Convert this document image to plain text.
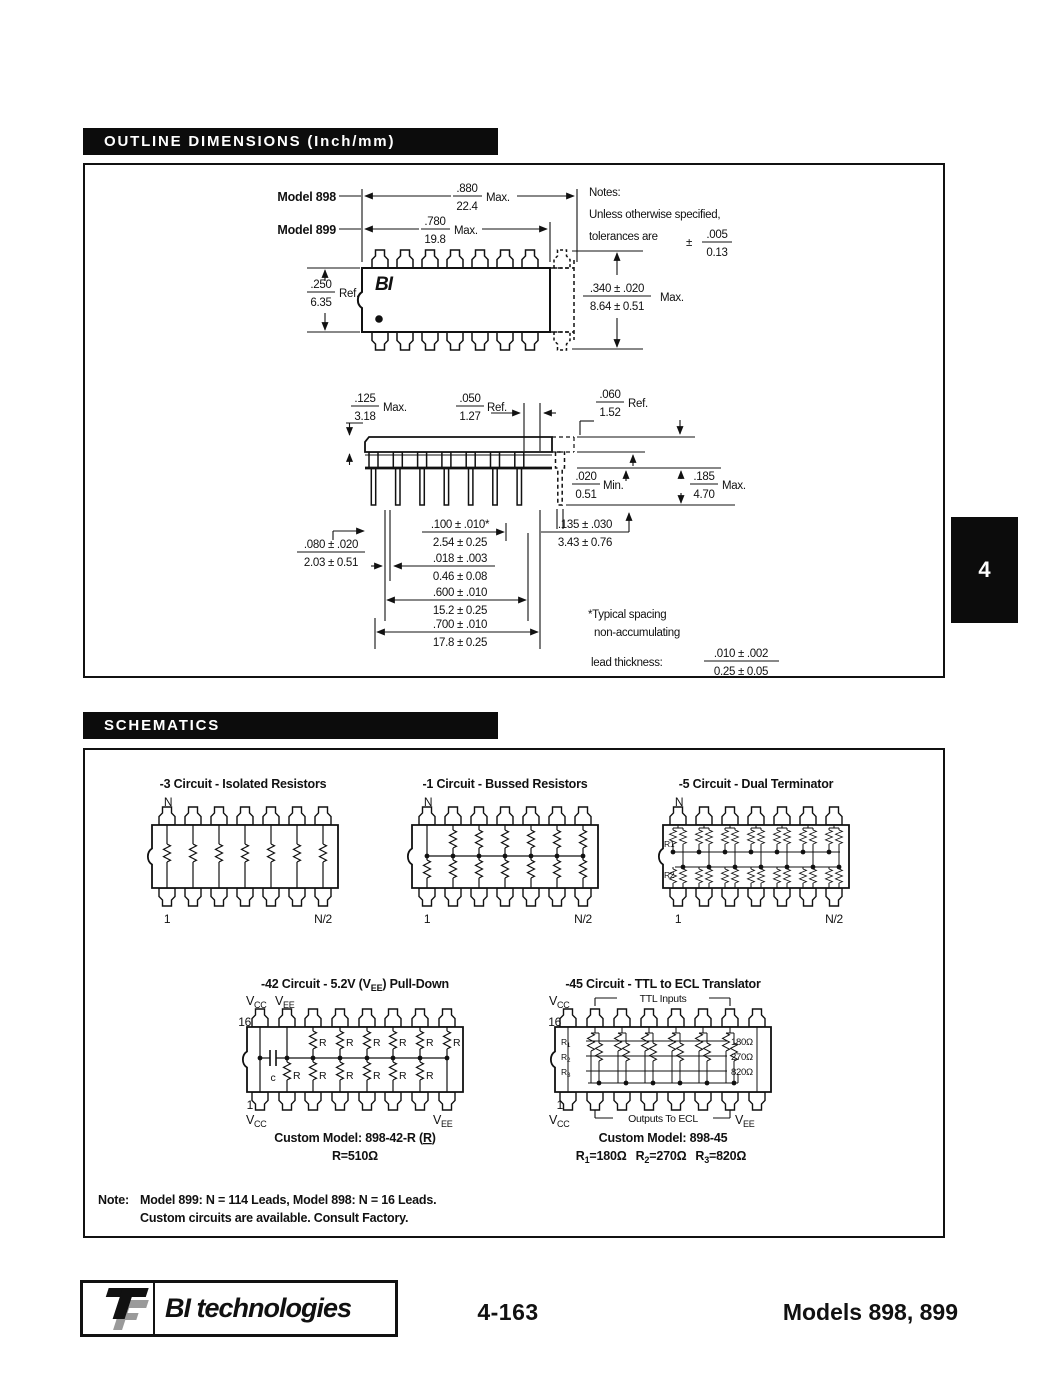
OUTLINE DIMENSIONS (Inch/mm)
Model 898
Model 899
.880
22.4
Max.
.780
19.8
Max.
.250
6.35
Ref.
Notes:
Unless otherwise specified,
tolerances are ±
.005
0.13
.340 ± .020
8.64 ± 0.51
Max.
BI
.125
3.18
Max.
.050
1.27
Ref.
.060
1.52
Ref.
.020
0.51
Min.
.185
4.70
Max.
.080 ± .020
2.03 ± 0.51
.100 ± .010*
2.54 ± 0.25
.018 ± .003
0.46 ± 0.08
.600 ± .010
15.2 ± 0.25
.700 ± .010
17.8 ± 0.25
.135 ± .030
3.43 ± 0.76
*Typical spacing
non-accumulating
lead thickness:
.010 ± .002
0.25 ± 0.05
4
SCHEMATICS
-3 Circuit - Isolated Resistors
N
1	N/2
-1 Circuit - Bussed Resistors
N
1	N/2
-5 Circuit - Dual Terminator
N
R1
R2
1	N/2
-42 Circuit - 5.2V $(V_{EE})$ Pull-Down
$V_{CC}$ $V_{EE}$
16
1
R R R R R R
c R R R R R R
$V_{CC}$	$V_{EE}$
Custom Model: 898-42-R (R)
R=510Ω
-45 Circuit - TTL to ECL Translator
$V_{CC}$	TTL Inputs
16
1
$R_1$
$R_2$
$R_3$
180Ω
270Ω
820Ω
$V_{CC}$	Outputs To ECL	$V_{EE}$
Custom Model: 898-45
$R_1=180\Omega$ $R_2=270\Omega$ $R_3=820\Omega$
Note: Model 899: N = 114 Leads, Model 898: N = 16 Leads.
Custom circuits are available. Consult Factory.
BI technologies	4-163	Models 898, 899
